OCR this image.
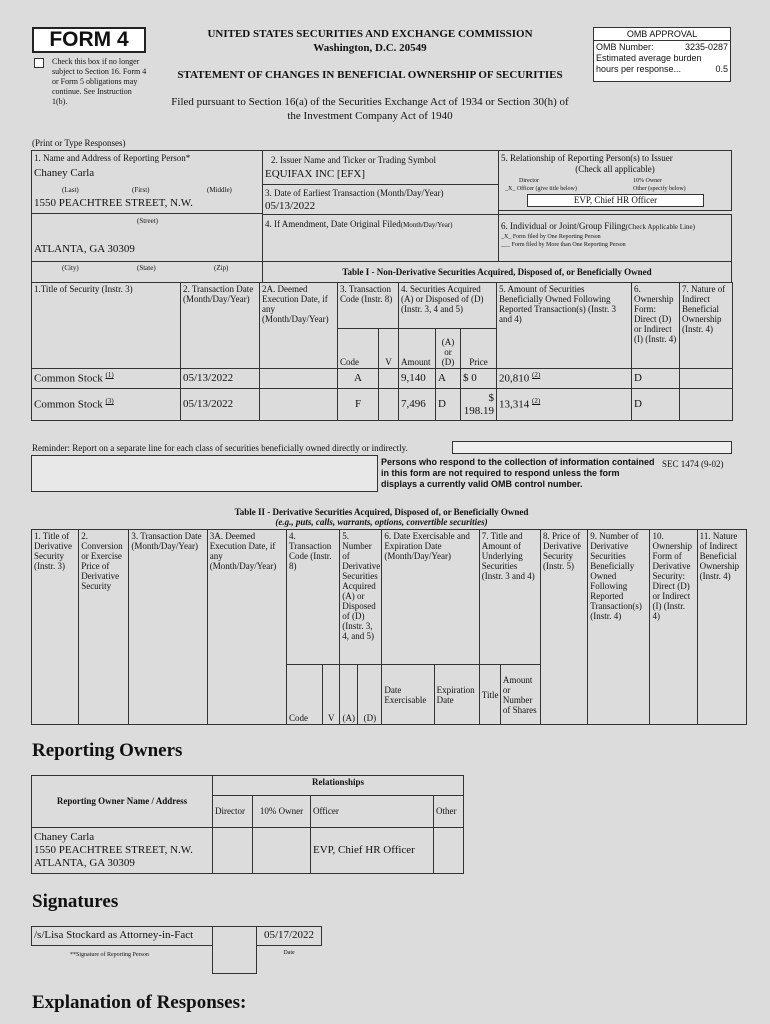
FORM 4
Check this box if no longer subject to Section 16. Form 4 or Form 5 obligations may continue. See Instruction 1(b).
UNITED STATES SECURITIES AND EXCHANGE COMMISSION
Washington, D.C. 20549
STATEMENT OF CHANGES IN BENEFICIAL OWNERSHIP OF SECURITIES
Filed pursuant to Section 16(a) of the Securities Exchange Act of 1934 or Section 30(h) of
the Investment Company Act of 1940
OMB APPROVAL
OMB Number:	3235-0287
Estimated average burden
hours per response...	0.5
(Print or Type Responses)
1. Name and Address of Reporting Person*
Chaney Carla
(Last)	(First)	(Middle)
1550 PEACHTREE STREET, N.W.
(Street)
ATLANTA, GA 30309
(City)	(State)	(Zip)
2. Issuer Name and Ticker or Trading Symbol
EQUIFAX INC [EFX]
3. Date of Earliest Transaction (Month/Day/Year)
05/13/2022
4. If Amendment, Date Original Filed(Month/Day/Year)
5. Relationship of Reporting Person(s) to Issuer
(Check all applicable)
Director	10% Owner
_X_ Officer (give title below)	Other (specify below)
EVP, Chief HR Officer
6. Individual or Joint/Group Filing(Check Applicable Line)
_X_ Form filed by One Reporting Person
___ Form filed by More than One Reporting Person
Table I - Non-Derivative Securities Acquired, Disposed of, or Beneficially Owned
1.Title of Security (Instr. 3)	2. Transaction Date (Month/Day/Year)	2A. Deemed Execution Date, if any (Month/Day/Year)	3. Transaction Code (Instr. 8)		4. Securities Acquired (A) or Disposed of (D) (Instr. 3, 4 and 5)			5. Amount of Securities Beneficially Owned Following Reported Transaction(s) (Instr. 3 and 4)	6. Ownership Form: Direct (D) or Indirect (I) (Instr. 4)	7. Nature of Indirect Beneficial Ownership (Instr. 4)
			Code	V	Amount	(A) or (D)	Price			
Common Stock $^{(1)}$	05/13/2022		A		9,140	A	$ 0	20,810 $^{(2)}$	D	
Common Stock $^{(3)}$	05/13/2022		F		7,496	D	$ 198.19	13,314 $^{(2)}$	D	
Reminder: Report on a separate line for each class of securities beneficially owned directly or indirectly.
Persons who respond to the collection of information contained in this form are not required to respond unless the form displays a currently valid OMB control number.
SEC 1474 (9-02)
Table II - Derivative Securities Acquired, Disposed of, or Beneficially Owned
(e.g., puts, calls, warrants, options, convertible securities)
1. Title of Derivative Security (Instr. 3)	2. Conversion or Exercise Price of Derivative Security	3. Transaction Date (Month/Day/Year)	3A. Deemed Execution Date, if any (Month/Day/Year)	4. Transaction Code (Instr. 8)		5. Number of Derivative Securities Acquired (A) or Disposed of (D) (Instr. 3, 4, and 5)		6. Date Exercisable and Expiration Date (Month/Day/Year)		7. Title and Amount of Underlying Securities (Instr. 3 and 4)		8. Price of Derivative Security (Instr. 5)	9. Number of Derivative Securities Beneficially Owned Following Reported Transaction(s) (Instr. 4)	10. Ownership Form of Derivative Security: Direct (D) or Indirect (I) (Instr. 4)	11. Nature of Indirect Beneficial Ownership (Instr. 4)
				Code	V	(A)	(D)	Date Exercisable	Expiration Date	Title	Amount or Number of Shares				
Reporting Owners
Reporting Owner Name / Address	Relationships			
	Director	10% Owner	Officer	Other

Chaney Carla
1550 PEACHTREE STREET, N.W.
ATLANTA, GA 30309			EVP, Chief HR Officer	
Signatures
/s/Lisa Stockard as Attorney-in-Fact
**Signature of Reporting Person
05/17/2022
Date
Explanation of Responses:
